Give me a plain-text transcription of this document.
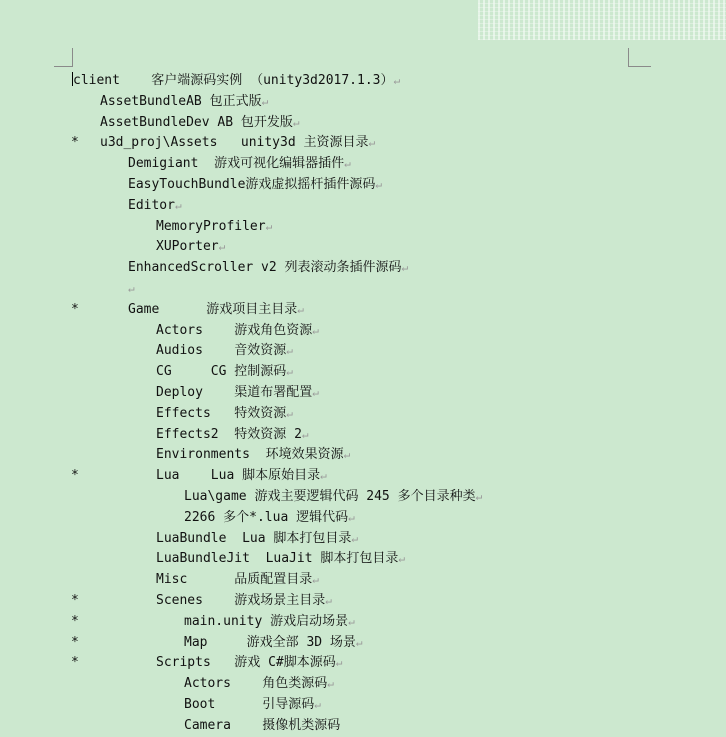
client    客户端源码实例 （unity3d2017.1.3）↵
AssetBundleAB 包正式版↵
AssetBundleDev AB 包开发版↵
*	u3d_proj\Assets   unity3d 主资源目录↵
Demigiant  游戏可视化编辑器插件↵
EasyTouchBundle游戏虚拟摇杆插件源码↵
Editor↵
MemoryProfiler↵
XUPorter↵
EnhancedScroller v2 列表滚动条插件源码↵
↵
*	Game      游戏项目主目录↵
Actors    游戏角色资源↵
Audios    音效资源↵
CG     CG 控制源码↵
Deploy    渠道布署配置↵
Effects   特效资源↵
Effects2  特效资源 2↵
Environments  环境效果资源↵
*	Lua    Lua 脚本原始目录↵
Lua\game 游戏主要逻辑代码 245 多个目录种类↵
2266 多个*.lua 逻辑代码↵
LuaBundle  Lua 脚本打包目录↵
LuaBundleJit  LuaJit 脚本打包目录↵
Misc      品质配置目录↵
*	Scenes    游戏场景主目录↵
*	main.unity 游戏启动场景↵
*	Map     游戏全部 3D 场景↵
*	Scripts   游戏 C#脚本源码↵
Actors    角色类源码↵
Boot      引导源码↵
Camera    摄像机类源码
